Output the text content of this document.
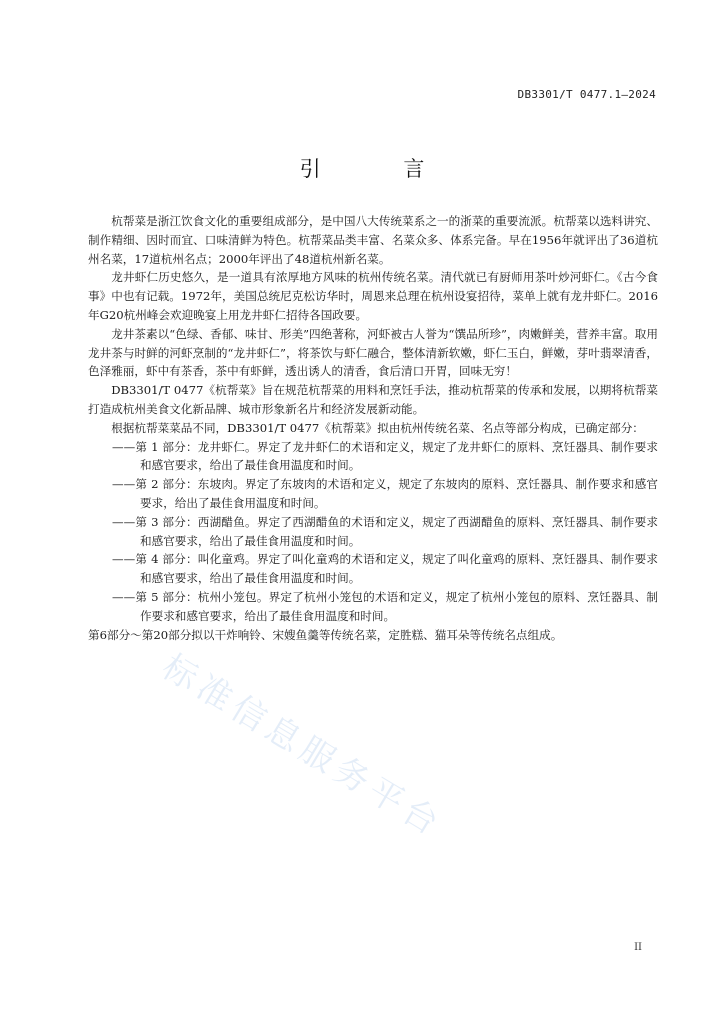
DB3301/T 0477.1—2024
引 言

杭帮菜是浙江饮食文化的重要组成部分，是中国八大传统菜系之一的浙菜的重要流派。杭帮菜以选料讲究、制作精细、因时而宜、口味清鲜为特色。杭帮菜品类丰富、名菜众多、体系完备。早在1956年就评出了36道杭州名菜，17道杭州名点；2000年评出了48道杭州新名菜。

龙井虾仁历史悠久，是一道具有浓厚地方风味的杭州传统名菜。清代就已有厨师用茶叶炒河虾仁。《古今食事》中也有记载。1972年，美国总统尼克松访华时，周恩来总理在杭州设宴招待，菜单上就有龙井虾仁。2016年G20杭州峰会欢迎晚宴上用龙井虾仁招待各国政要。

龙井茶素以“色绿、香郁、味甘、形美”四绝著称，河虾被古人誉为“馔品所珍”，肉嫩鲜美，营养丰富。取用龙井茶与时鲜的河虾烹制的“龙井虾仁”，将茶饮与虾仁融合，整体清新软嫩，虾仁玉白，鲜嫩，芽叶翡翠清香，色泽雅丽，虾中有茶香，茶中有虾鲜，透出诱人的清香，食后清口开胃，回味无穷！

DB3301/T 0477《杭帮菜》旨在规范杭帮菜的用料和烹饪手法，推动杭帮菜的传承和发展，以期将杭帮菜打造成杭州美食文化新品牌、城市形象新名片和经济发展新动能。

根据杭帮菜菜品不同，DB3301/T 0477《杭帮菜》拟由杭州传统名菜、名点等部分构成，已确定部分：

——第 1 部分：龙井虾仁。界定了龙井虾仁的术语和定义，规定了龙井虾仁的原料、烹饪器具、制作要求和感官要求，给出了最佳食用温度和时间。

——第 2 部分：东坡肉。界定了东坡肉的术语和定义，规定了东坡肉的原料、烹饪器具、制作要求和感官要求，给出了最佳食用温度和时间。

——第 3 部分：西湖醋鱼。界定了西湖醋鱼的术语和定义，规定了西湖醋鱼的原料、烹饪器具、制作要求和感官要求，给出了最佳食用温度和时间。

——第 4 部分：叫化童鸡。界定了叫化童鸡的术语和定义，规定了叫化童鸡的原料、烹饪器具、制作要求和感官要求，给出了最佳食用温度和时间。

——第 5 部分：杭州小笼包。界定了杭州小笼包的术语和定义，规定了杭州小笼包的原料、烹饪器具、制作要求和感官要求，给出了最佳食用温度和时间。

第6部分～第20部分拟以干炸响铃、宋嫂鱼羹等传统名菜，定胜糕、猫耳朵等传统名点组成。

标准信息服务平台
II
